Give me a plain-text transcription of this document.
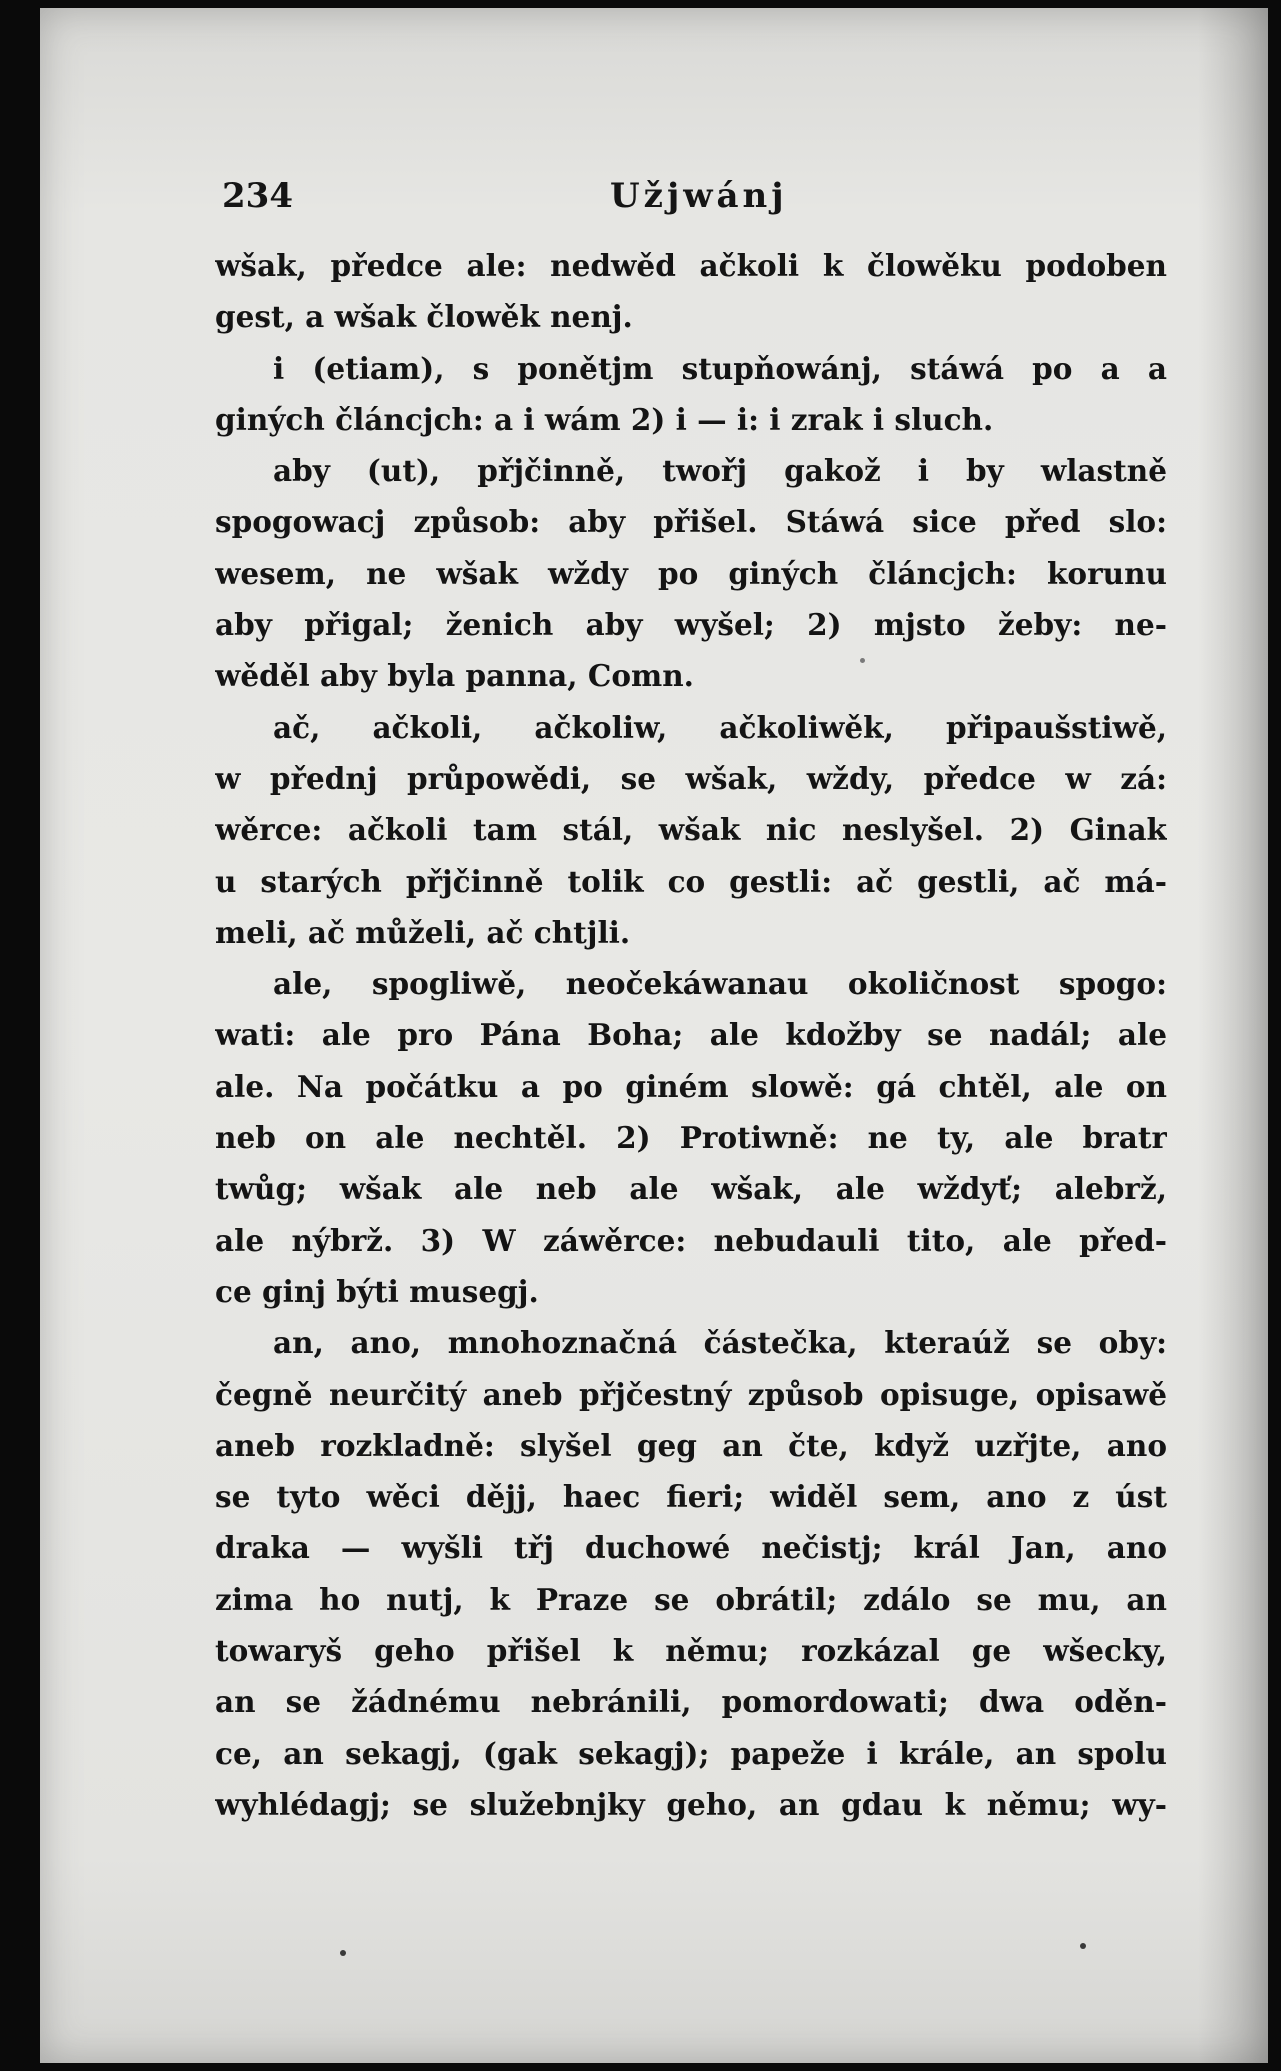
234	Užjwánj
wšak, předce ale: nedwěd ačkoli k člowěku podoben
gest, a wšak člowěk nenj.
i (etiam), s ponětjm stupňowánj, stáwá po a a
giných článcjch: a i wám 2) i — i: i zrak i sluch.
aby (ut), přjčinně, twořj gakož i by wlastně
spogowacj způsob: aby přišel. Stáwá sice před slo:
wesem, ne wšak wždy po giných článcjch: korunu
aby přigal; ženich aby wyšel; 2) mjsto žeby: ne-
wěděl aby byla panna, Comn.
ač, ačkoli, ačkoliw, ačkoliwěk, připaušstiwě,
w přednj průpowědi, se wšak, wždy, předce w zá:
wěrce: ačkoli tam stál, wšak nic neslyšel. 2) Ginak
u starých přjčinně tolik co gestli: ač gestli, ač má-
meli, ač můželi, ač chtjli.
ale, spogliwě, neočekáwanau okoličnost spogo:
wati: ale pro Pána Boha; ale kdožby se nadál; ale
ale. Na počátku a po giném slowě: gá chtěl, ale on
neb on ale nechtěl. 2) Protiwně: ne ty, ale bratr
twůg; wšak ale neb ale wšak, ale wždyť; alebrž,
ale nýbrž. 3) W záwěrce: nebudauli tito, ale před-
ce ginj býti musegj.
an, ano, mnohoznačná částečka, kteraúž se oby:
čegně neurčitý aneb přjčestný způsob opisuge, opisawě
aneb rozkladně: slyšel geg an čte, když uzřjte, ano
se tyto wěci dějj, haec fieri; widěl sem, ano z úst
draka — wyšli třj duchowé nečistj; král Jan, ano
zima ho nutj, k Praze se obrátil; zdálo se mu, an
towaryš geho přišel k němu; rozkázal ge wšecky,
an se žádnému nebránili, pomordowati; dwa oděn-
ce, an sekagj, (gak sekagj); papeže i krále, an spolu
wyhlédagj; se služebnjky geho, an gdau k němu; wy-
